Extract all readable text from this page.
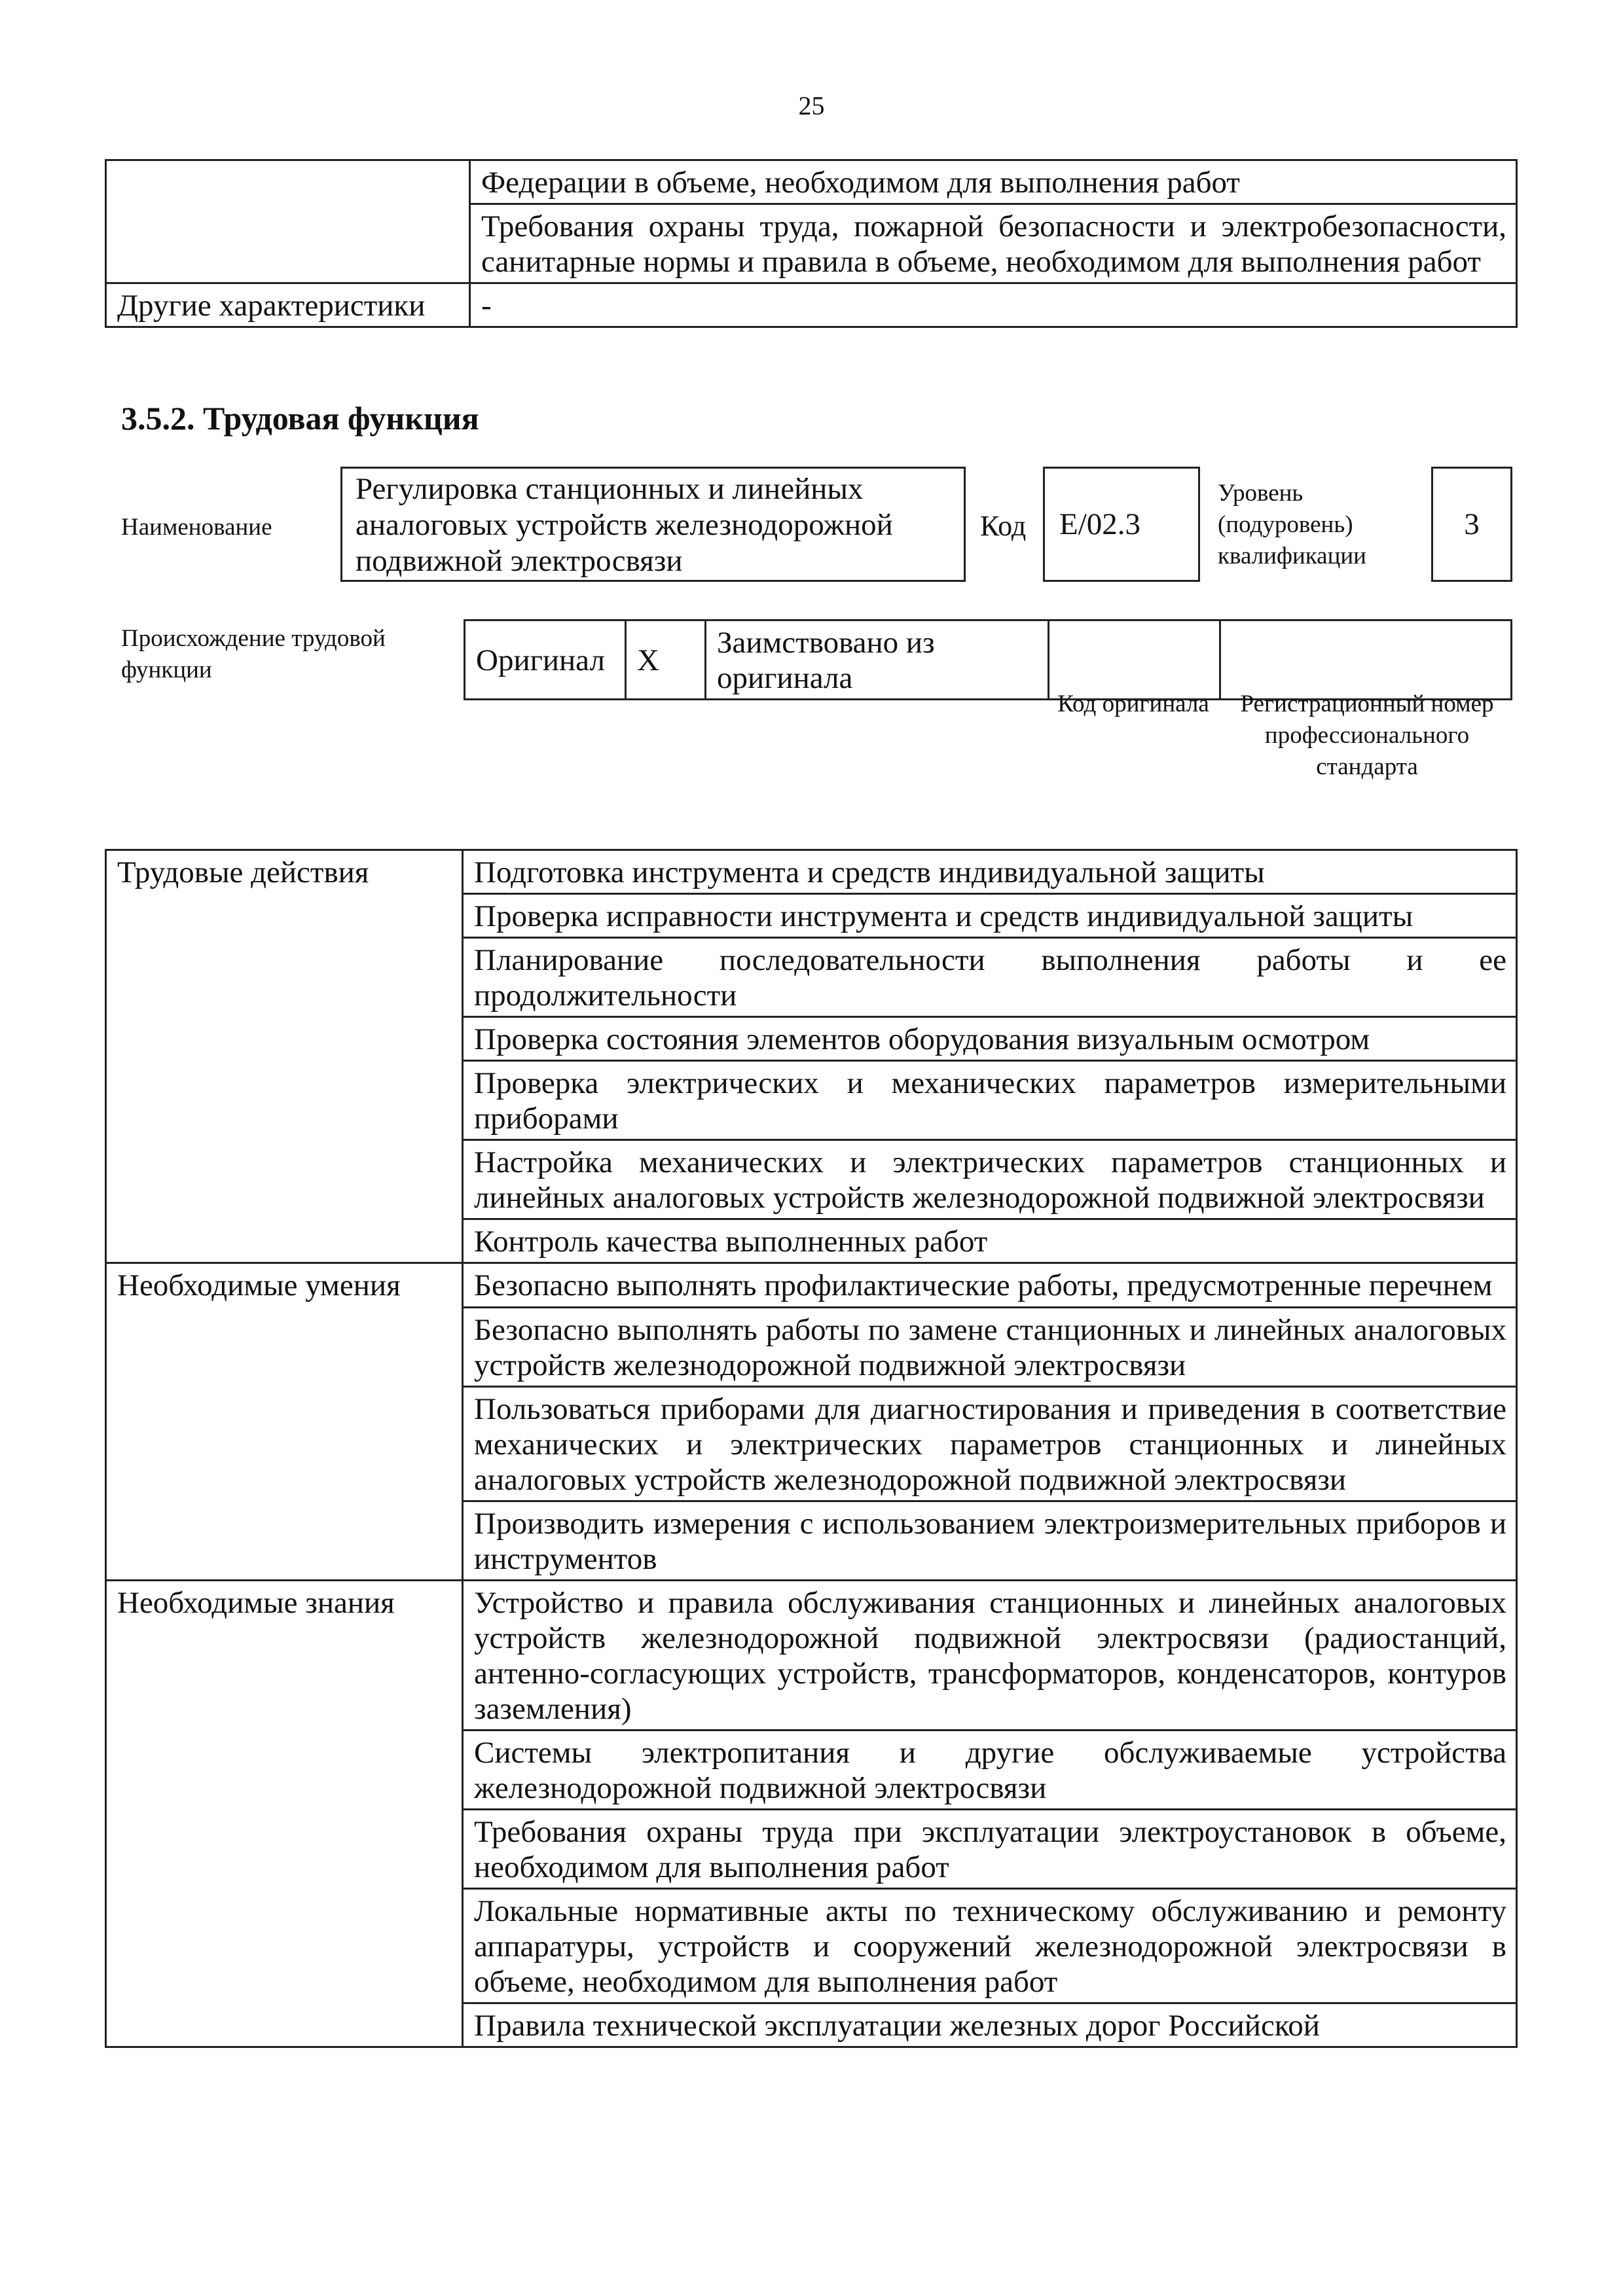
25
	Федерации в объеме, необходимом для выполнения работ
	Требования охраны труда, пожарной безопасности и электробезопасности, санитарные нормы и правила в объеме, необходимом для выполнения работ
Другие характеристики	-
3.5.2. Трудовая функция
Наименование
Регулировка станционных и линейных аналоговых устройств железнодорожной подвижной электросвязи
Код	E/02.3
Уровень (подуровень) квалификации
3
Происхождение трудовой функции	Оригинал	X	Заимствовано из оригинала		
Код оригинала	Регистрационный номер профессионального стандарта
Трудовые действия	Подготовка инструмента и средств индивидуальной защиты
	Проверка исправности инструмента и средств индивидуальной защиты
	Планирование последовательности выполнения работы и ее продолжительности
	Проверка состояния элементов оборудования визуальным осмотром
	Проверка электрических и механических параметров измерительными приборами
	Настройка механических и электрических параметров станционных и линейных аналоговых устройств железнодорожной подвижной электросвязи
	Контроль качества выполненных работ
Необходимые умения	Безопасно выполнять профилактические работы, предусмотренные перечнем
	Безопасно выполнять работы по замене станционных и линейных аналоговых устройств железнодорожной подвижной электросвязи
	Пользоваться приборами для диагностирования и приведения в соответствие механических и электрических параметров станционных и линейных аналоговых устройств железнодорожной подвижной электросвязи
	Производить измерения с использованием электроизмерительных приборов и инструментов
Необходимые знания	Устройство и правила обслуживания станционных и линейных аналоговых устройств железнодорожной подвижной электросвязи (радиостанций, антенно-согласующих устройств, трансформаторов, конденсаторов, контуров заземления)
	Системы электропитания и другие обслуживаемые устройства железнодорожной подвижной электросвязи
	Требования охраны труда при эксплуатации электроустановок в объеме, необходимом для выполнения работ
	Локальные нормативные акты по техническому обслуживанию и ремонту аппаратуры, устройств и сооружений железнодорожной электросвязи в объеме, необходимом для выполнения работ
	Правила технической эксплуатации железных дорог Российской
